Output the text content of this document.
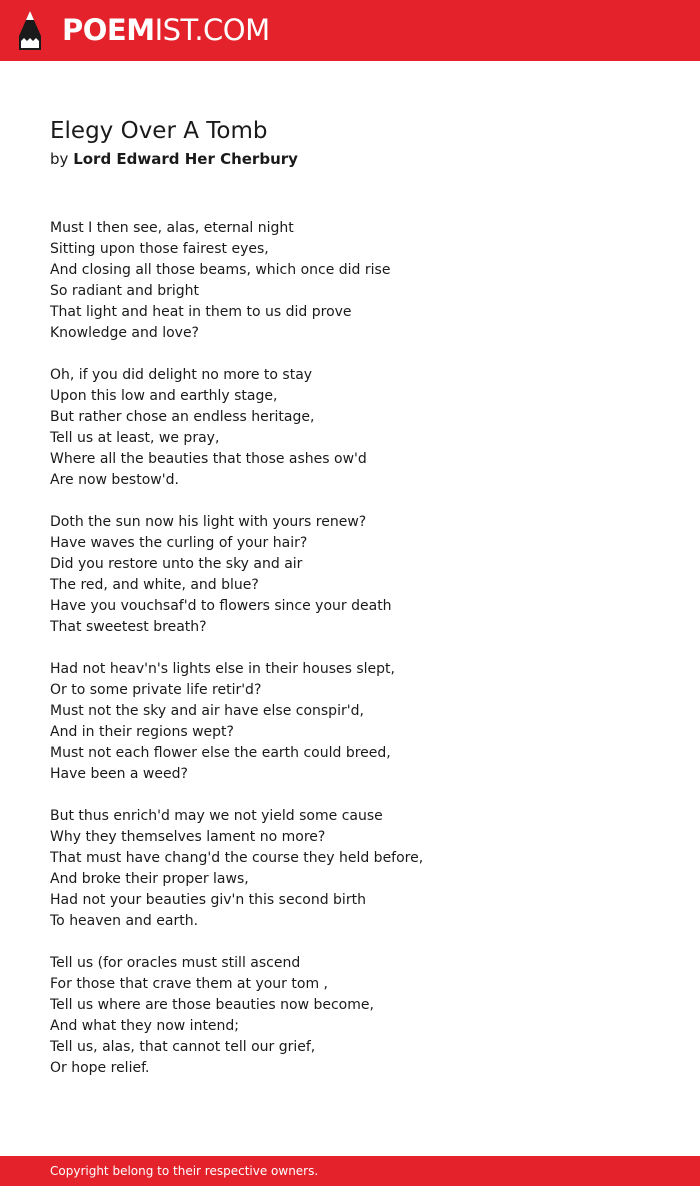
POEMIST.COM
Elegy Over A Tomb
by Lord Edward Her Cherbury
Must I then see, alas, eternal night
Sitting upon those fairest eyes,
And closing all those beams, which once did rise
So radiant and bright
That light and heat in them to us did prove
Knowledge and love?
Oh, if you did delight no more to stay
Upon this low and earthly stage,
But rather chose an endless heritage,
Tell us at least, we pray,
Where all the beauties that those ashes ow'd
Are now bestow'd.
Doth the sun now his light with yours renew?
Have waves the curling of your hair?
Did you restore unto the sky and air
The red, and white, and blue?
Have you vouchsaf'd to flowers since your death
That sweetest breath?
Had not heav'n's lights else in their houses slept,
Or to some private life retir'd?
Must not the sky and air have else conspir'd,
And in their regions wept?
Must not each flower else the earth could breed,
Have been a weed?
But thus enrich'd may we not yield some cause
Why they themselves lament no more?
That must have chang'd the course they held before,
And broke their proper laws,
Had not your beauties giv'n this second birth
To heaven and earth.
Tell us (for oracles must still ascend
For those that crave them at your tom ,
Tell us where are those beauties now become,
And what they now intend;
Tell us, alas, that cannot tell our grief,
Or hope relief.
Copyright belong to their respective owners.
